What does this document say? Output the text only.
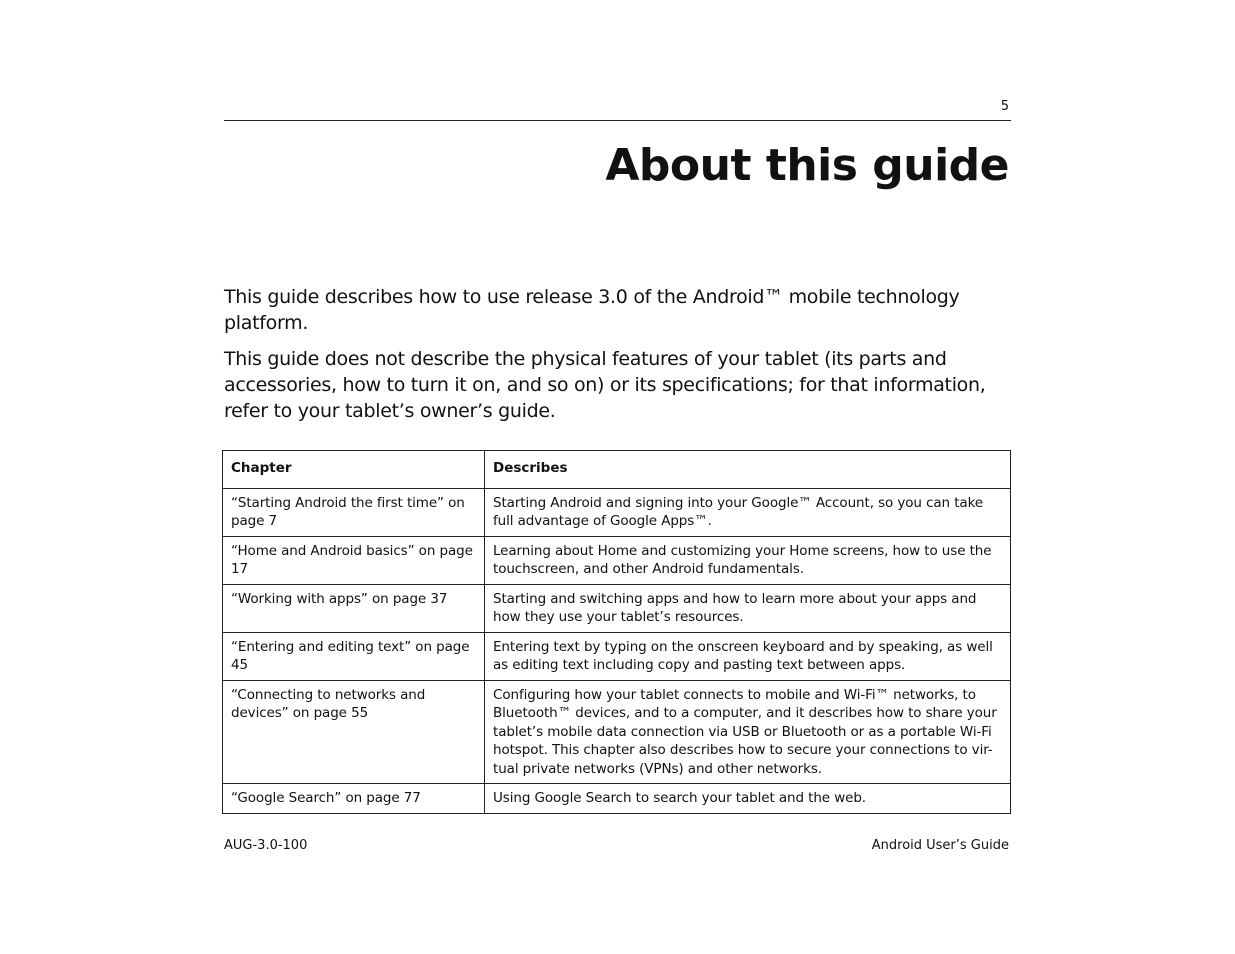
5
About this guide

This guide describes how to use release 3.0 of the Android™ mobile technology platform.

This guide does not describe the physical features of your tablet (its parts and accessories, how to turn it on, and so on) or its specifications; for that information, refer to your tablet’s owner’s guide.

Chapter	Describes
“Starting Android the first time” on page 7	Starting Android and signing into your Google™ Account, so you can take full advantage of Google Apps™.
“Home and Android basics” on page 17	Learning about Home and customizing your Home screens, how to use the touchscreen, and other Android fundamentals.
“Working with apps” on page 37	Starting and switching apps and how to learn more about your apps and how they use your tablet’s resources.
“Entering and editing text” on page 45	Entering text by typing on the onscreen keyboard and by speaking, as well as editing text including copy and pasting text between apps.
“Connecting to networks and devices” on page 55	Configuring how your tablet connects to mobile and Wi-Fi™ networks, to Bluetooth™ devices, and to a computer, and it describes how to share your tablet’s mobile data connection via USB or Bluetooth or as a portable Wi-Fi hotspot. This chapter also describes how to secure your connections to vir-tual private networks (VPNs) and other networks.
“Google Search” on page 77	Using Google Search to search your tablet and the web.
AUG-3.0-100	Android User’s Guide
